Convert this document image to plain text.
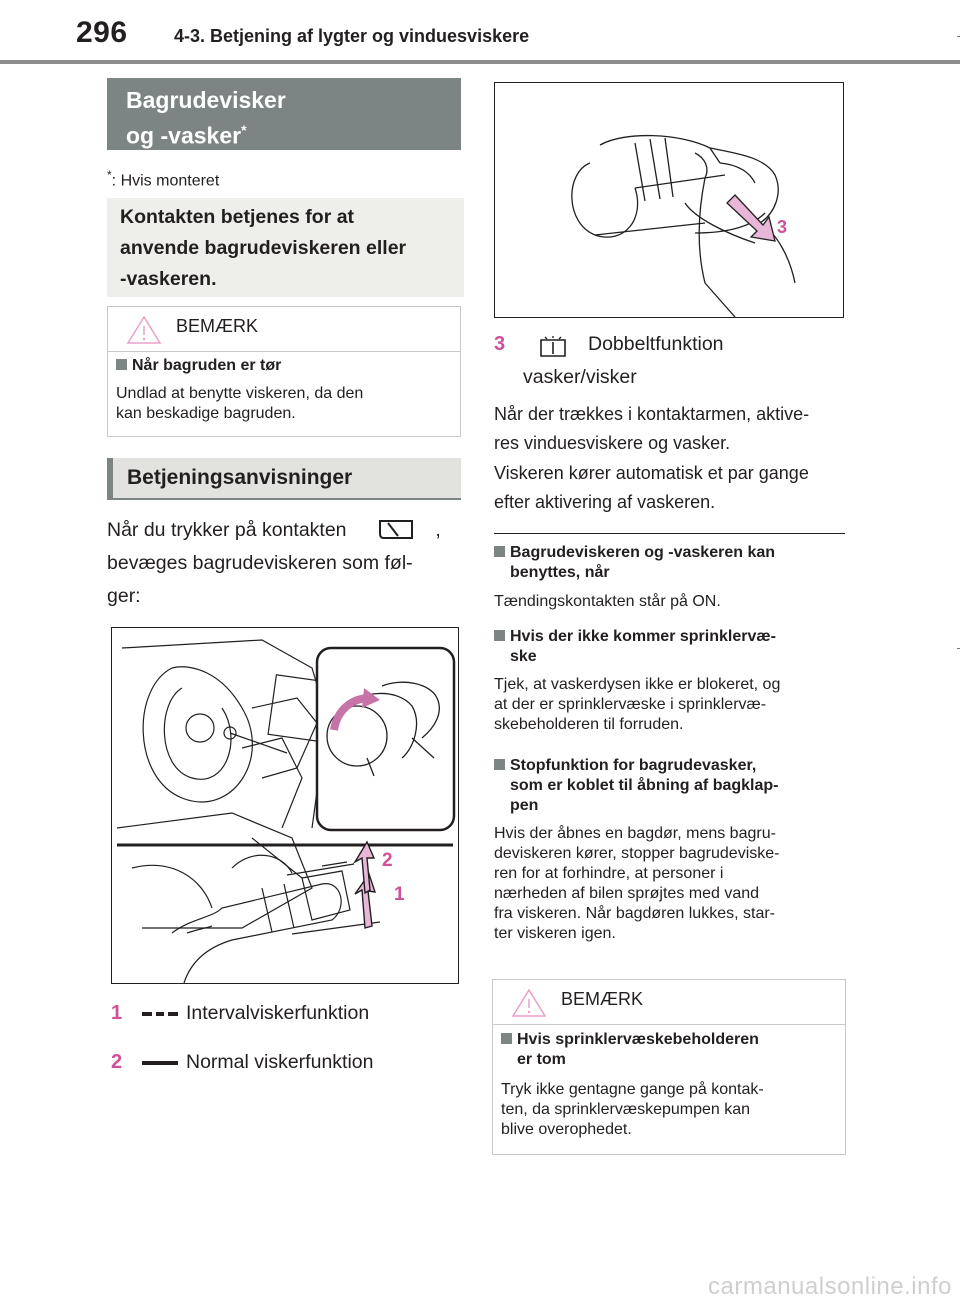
296	4-3. Betjening af lygter og vinduesviskere
Bagrudevisker
og -vasker*
*: Hvis monteret
Kontakten betjenes for at
anvende bagrudeviskeren eller
-vaskeren.
BEMÆRK
Når bagruden er tør
Undlad at benytte viskeren, da den
kan beskadige bagruden.
Betjeningsanvisninger
Når du trykker på kontakten	,
bevæges bagrudeviskeren som føl-
ger:
2
1
1	Intervalviskerfunktion
2	Normal viskerfunktion
3
3	Dobbeltfunktion
vasker/visker
Når der trækkes i kontaktarmen, aktive-
res vinduesviskere og vasker.
Viskeren kører automatisk et par gange
efter aktivering af vaskeren.
Bagrudeviskeren og -vaskeren kan
benyttes, når
Tændingskontakten står på ON.
Hvis der ikke kommer sprinklervæ-
ske
Tjek, at vaskerdysen ikke er blokeret, og
at der er sprinklervæske i sprinklervæ-
skebeholderen til forruden.
Stopfunktion for bagrudevasker,
som er koblet til åbning af bagklap-
pen
Hvis der åbnes en bagdør, mens bagru-
deviskeren kører, stopper bagrudeviske-
ren for at forhindre, at personer i
nærheden af bilen sprøjtes med vand
fra viskeren. Når bagdøren lukkes, star-
ter viskeren igen.
BEMÆRK
Hvis sprinklervæskebeholderen
er tom
Tryk ikke gentagne gange på kontak-
ten, da sprinklervæskepumpen kan
blive overophedet.
carmanualsonline.info
